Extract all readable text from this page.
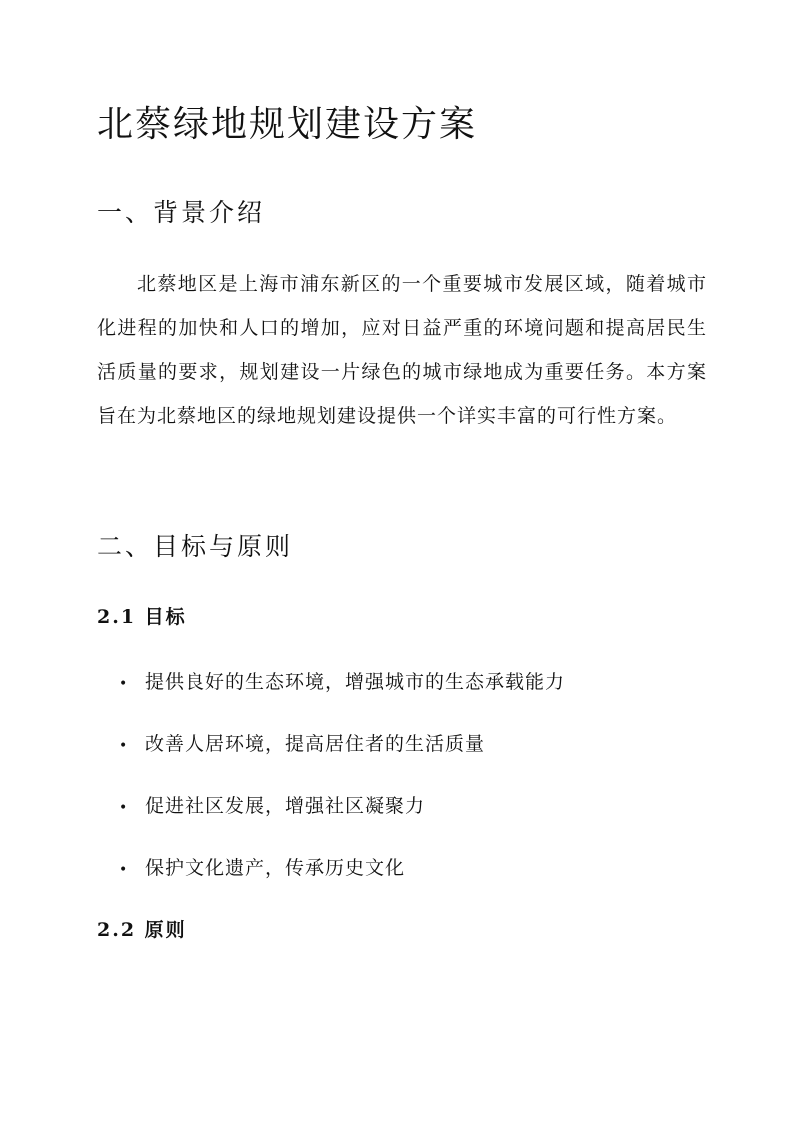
北蔡绿地规划建设方案
一、背景介绍

北蔡地区是上海市浦东新区的一个重要城市发展区域，随着城市化进程的加快和人口的增加，应对日益严重的环境问题和提高居民生活质量的要求，规划建设一片绿色的城市绿地成为重要任务。本方案旨在为北蔡地区的绿地规划建设提供一个详实丰富的可行性方案。

二、目标与原则
2.1 目标
• 提供良好的生态环境，增强城市的生态承载能力
• 改善人居环境，提高居住者的生活质量
• 促进社区发展，增强社区凝聚力
• 保护文化遗产，传承历史文化
2.2 原则
